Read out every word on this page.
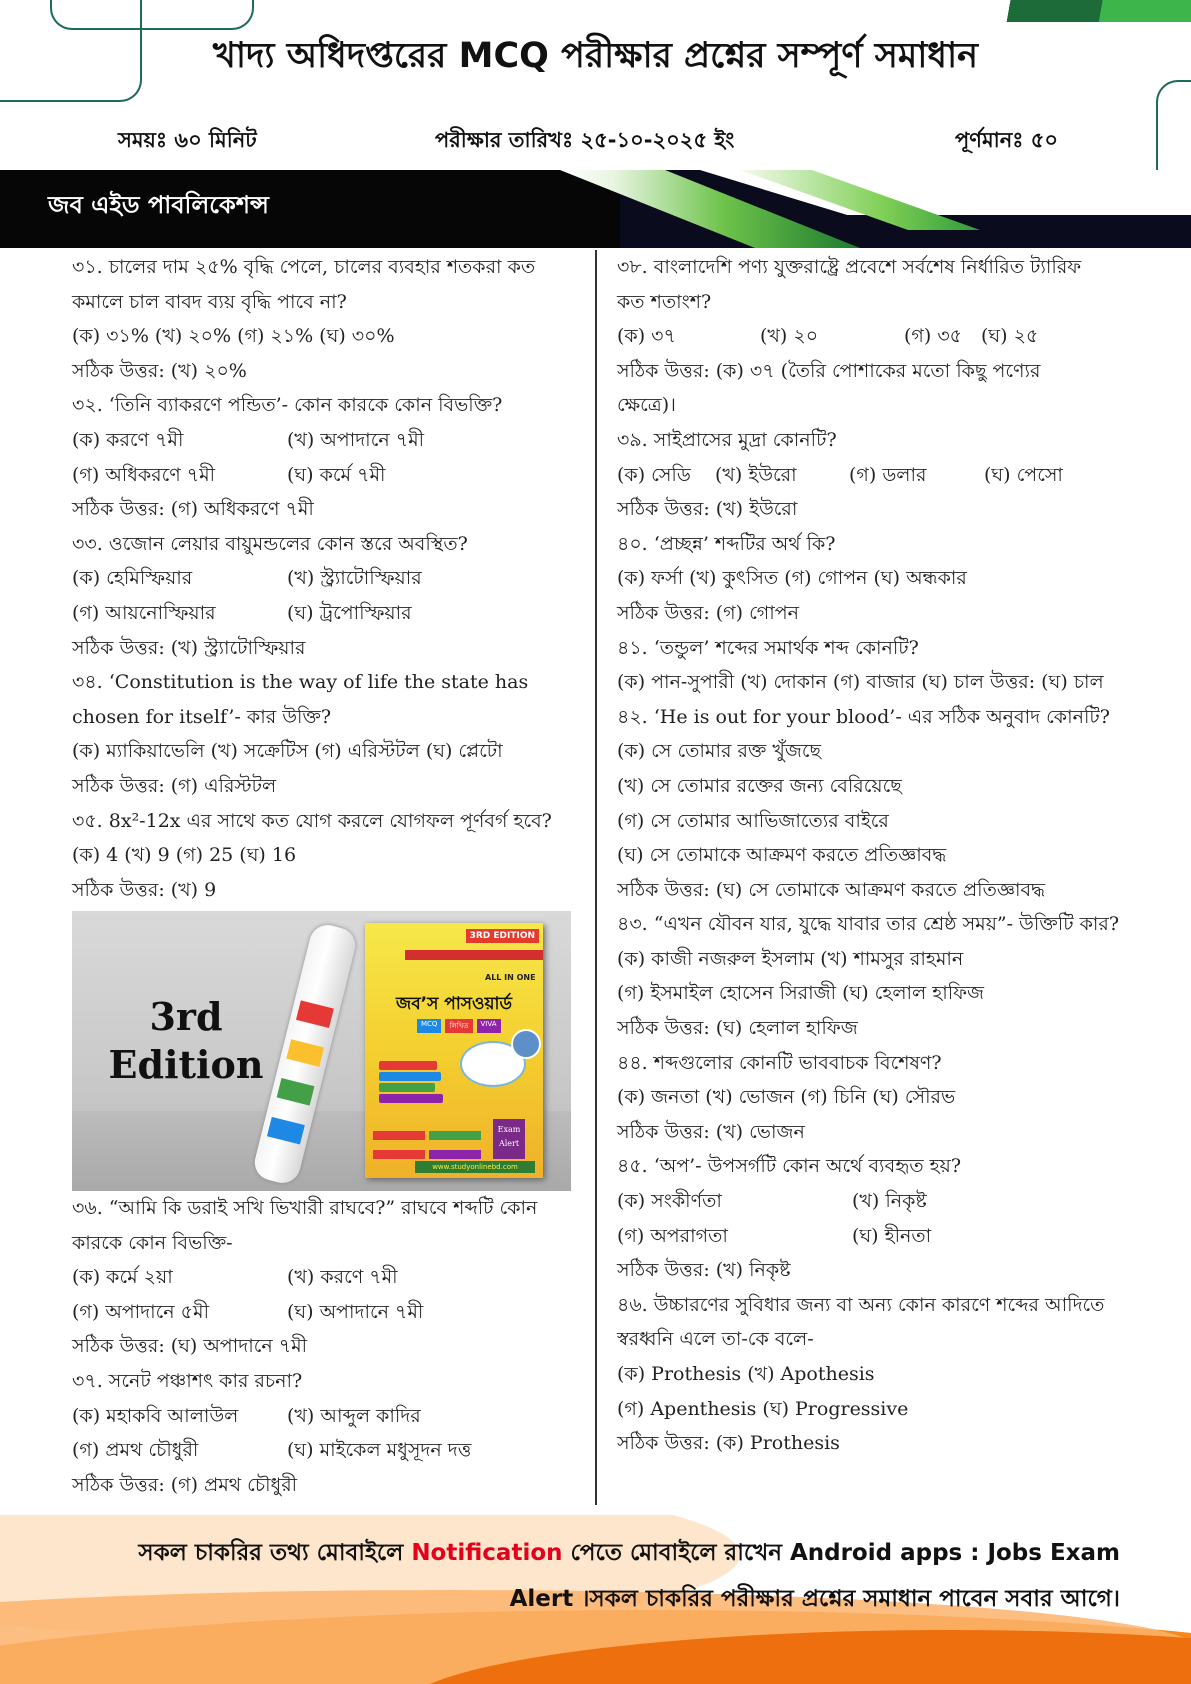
খাদ্য অধিদপ্তরের MCQ পরীক্ষার প্রশ্নের সম্পূর্ণ সমাধান
সময়ঃ ৬০ মিনিট	পরীক্ষার তারিখঃ ২৫-১০-২০২৫ ইং	পূর্ণমানঃ ৫০
জব এইড পাবলিকেশন্স
৩১. চালের দাম ২৫% বৃদ্ধি পেলে, চালের ব্যবহার শতকরা কত
কমালে চাল বাবদ ব্যয় বৃদ্ধি পাবে না?
(ক) ৩১% (খ) ২০% (গ) ২১% (ঘ) ৩০%
সঠিক উত্তর: (খ) ২০%
৩২. ‘তিনি ব্যাকরণে পন্ডিত’- কোন কারকে কোন বিভক্তি?
(ক) করণে ৭মী	(খ) অপাদানে ৭মী
(গ) অধিকরণে ৭মী	(ঘ) কর্মে ৭মী
সঠিক উত্তর: (গ) অধিকরণে ৭মী
৩৩. ওজোন লেয়ার বায়ুমন্ডলের কোন স্তরে অবস্থিত?
(ক) হেমিস্ফিয়ার	(খ) স্ট্র্যাটোস্ফিয়ার
(গ) আয়নোস্ফিয়ার	(ঘ) ট্রপোস্ফিয়ার
সঠিক উত্তর: (খ) স্ট্র্যাটোস্ফিয়ার
৩৪. ‘Constitution is the way of life the state has
chosen for itself’- কার উক্তি?
(ক) ম্যাকিয়াভেলি (খ) সক্রেটিস (গ) এরিস্টটল (ঘ) প্লেটো
সঠিক উত্তর: (গ) এরিস্টটল
৩৫. 8x²-12x এর সাথে কত যোগ করলে যোগফল পূর্ণবর্গ হবে?
(ক) 4 (খ) 9 (গ) 25 (ঘ) 16
সঠিক উত্তর: (খ) 9
3rd
Edition
3RD EDITION
ALL IN ONE
জব’স পাসওয়ার্ড
MCQ	লিখিত	VIVA

Exam
Alert
www.studyonlinebd.com
৩৬. “আমি কি ডরাই সখি ভিখারী রাঘবে?” রাঘবে শব্দটি কোন
কারকে কোন বিভক্তি-
(ক) কর্মে ২য়া	(খ) করণে ৭মী
(গ) অপাদানে ৫মী	(ঘ) অপাদানে ৭মী
সঠিক উত্তর: (ঘ) অপাদানে ৭মী
৩৭. সনেট পঞ্চাশৎ কার রচনা?
(ক) মহাকবি আলাউল	(খ) আব্দুল কাদির
(গ) প্রমথ চৌধুরী	(ঘ) মাইকেল মধুসূদন দত্ত
সঠিক উত্তর: (গ) প্রমথ চৌধুরী
৩৮. বাংলাদেশি পণ্য যুক্তরাষ্ট্রে প্রবেশে সর্বশেষ নির্ধারিত ট্যারিফ
কত শতাংশ?
(ক) ৩৭	(খ) ২০	(গ) ৩৫ (ঘ) ২৫
সঠিক উত্তর: (ক) ৩৭ (তৈরি পোশাকের মতো কিছু পণ্যের
ক্ষেত্রে)।
৩৯. সাইপ্রাসের মুদ্রা কোনটি?
(ক) সেডি (খ) ইউরো	(গ) ডলার	(ঘ) পেসো
সঠিক উত্তর: (খ) ইউরো
৪০. ‘প্রচ্ছন্ন’ শব্দটির অর্থ কি?
(ক) ফর্সা (খ) কুৎসিত (গ) গোপন (ঘ) অন্ধকার
সঠিক উত্তর: (গ) গোপন
৪১. ‘তন্ডুল’ শব্দের সমার্থক শব্দ কোনটি?
(ক) পান-সুপারী (খ) দোকান (গ) বাজার (ঘ) চাল উত্তর: (ঘ) চাল
৪২. ‘He is out for your blood’- এর সঠিক অনুবাদ কোনটি?
(ক) সে তোমার রক্ত খুঁজছে
(খ) সে তোমার রক্তের জন্য বেরিয়েছে
(গ) সে তোমার আভিজাত্যের বাইরে
(ঘ) সে তোমাকে আক্রমণ করতে প্রতিজ্ঞাবদ্ধ
সঠিক উত্তর: (ঘ) সে তোমাকে আক্রমণ করতে প্রতিজ্ঞাবদ্ধ
৪৩. “এখন যৌবন যার, যুদ্ধে যাবার তার শ্রেষ্ঠ সময়”- উক্তিটি কার?
(ক) কাজী নজরুল ইসলাম (খ) শামসুর রাহমান
(গ) ইসমাইল হোসেন সিরাজী (ঘ) হেলাল হাফিজ
সঠিক উত্তর: (ঘ) হেলাল হাফিজ
৪৪. শব্দগুলোর কোনটি ভাববাচক বিশেষণ?
(ক) জনতা (খ) ভোজন (গ) চিনি (ঘ) সৌরভ
সঠিক উত্তর: (খ) ভোজন
৪৫. ‘অপ’- উপসর্গটি কোন অর্থে ব্যবহৃত হয়?
(ক) সংকীর্ণতা	(খ) নিকৃষ্ট
(গ) অপরাগতা	(ঘ) হীনতা
সঠিক উত্তর: (খ) নিকৃষ্ট
৪৬. উচ্চারণের সুবিধার জন্য বা অন্য কোন কারণে শব্দের আদিতে
স্বরধ্বনি এলে তা-কে বলে-
(ক) Prothesis (খ) Apothesis
(গ) Apenthesis (ঘ) Progressive
সঠিক উত্তর: (ক) Prothesis
সকল চাকরির তথ্য মোবাইলে Notification পেতে মোবাইলে রাখেন Android apps : Jobs Exam
Alert ।সকল চাকরির পরীক্ষার প্রশ্নের সমাধান পাবেন সবার আগে।
